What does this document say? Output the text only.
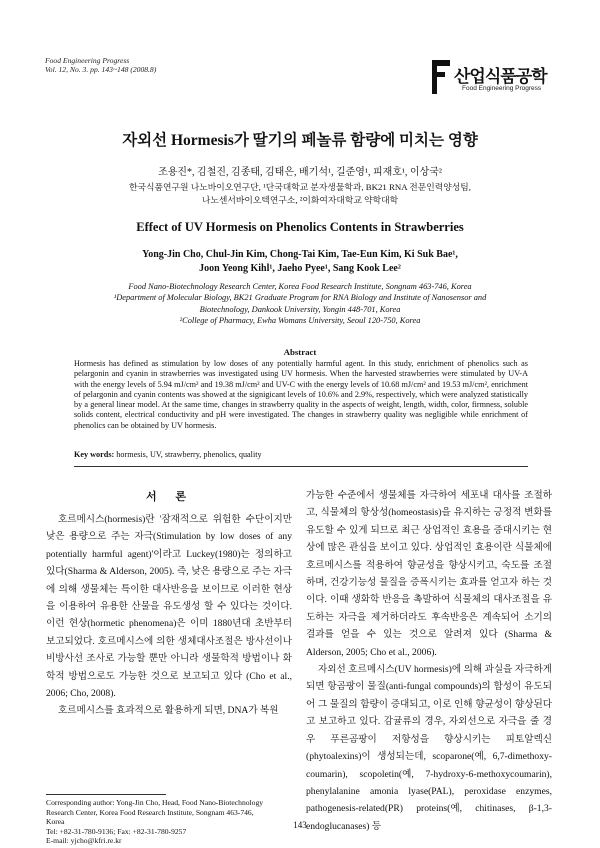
Food Engineering Progress
Vol. 12, No. 3. pp. 143~148 (2008.8)	산업식품공학
Food Engineering Progress
자외선 Hormesis가 딸기의 페놀류 함량에 미치는 영향
조용진*, 김철진, 김종태, 김태은, 배기석¹, 길준영¹, 피재호¹, 이상국²
한국식품연구원 나노바이오연구단, ¹단국대학교 분자생물학과, BK21 RNA 전문인력양성팀,
나노센서바이오텍연구소, ²이화여자대학교 약학대학
Effect of UV Hormesis on Phenolics Contents in Strawberries
Yong-Jin Cho, Chul-Jin Kim, Chong-Tai Kim, Tae-Eun Kim, Ki Suk Bae¹,
Joon Yeong Kihl¹, Jaeho Pyee¹, Sang Kook Lee²
Food Nano-Biotechnology Research Center, Korea Food Research Institute, Songnam 463-746, Korea
¹Department of Molecular Biology, BK21 Graduate Program for RNA Biology and Institute of Nanosensor and
Biotechnology, Dankook University, Yongin 448-701, Korea
²College of Pharmacy, Ewha Womans University, Seoul 120-750, Korea
Abstract
Hormesis has defined as stimulation by low doses of any potentially harmful agent. In this study, enrichment of phenolics such as pelargonin and cyanin in strawberries was investigated using UV hormesis. When the harvested strawberries were stimulated by UV-A with the energy levels of 5.94 mJ/cm² and 19.38 mJ/cm² and UV-C with the energy levels of 10.68 mJ/cm² and 19.53 mJ/cm², enrichment of pelargonin and cyanin contents was showed at the signigicant levels of 10.6% and 2.9%, respectively, which were analyzed statistically by a general linear model. At the same time, changes in strawberry quality in the aspects of weight, length, width, color, firmness, soluble solids content, electrical conductivity and pH were investigated. The changes in strawberry quality was negligible while enrichment of phenolics can be obtained by UV hormesis.
Key words: hormesis, UV, strawberry, phenolics, quality
서 론

호르메시스(hormesis)란 '잠재적으로 위험한 수단이지만 낮은 용량으로 주는 자극(Stimulation by low doses of any potentially harmful agent)'이라고 Luckey(1980)는 정의하고 있다(Sharma & Alderson, 2005). 즉, 낮은 용량으로 주는 자극에 의해 생물체는 특이한 대사반응을 보이므로 이러한 현상을 이용하여 유용한 산물을 유도생성 할 수 있다는 것이다. 이런 현상(hormetic phenomena)은 이미 1880년대 초반부터 보고되었다. 호르메시스에 의한 생체대사조절은 방사선이나 비방사선 조사로 가능할 뿐만 아니라 생물학적 방법이나 화학적 방법으로도 가능한 것으로 보고되고 있다 (Cho et al., 2006; Cho, 2008).

호르메시스를 효과적으로 활용하게 되면, DNA가 복원

가능한 수준에서 생물체를 자극하여 세포내 대사를 조절하고, 식물체의 항상성(homeostasis)을 유지하는 긍정적 변화를 유도할 수 있게 되므로 최근 상업적인 효용을 증대시키는 현상에 많은 관심을 보이고 있다. 상업적인 효용이란 식물체에 호르메시스를 적용하여 향균성을 향상시키고, 숙도를 조절하며, 건강기능성 물질을 증폭시키는 효과를 얻고자 하는 것이다. 이때 생화학 반응을 촉발하여 식물체의 대사조절을 유도하는 자극을 제거하더라도 후속반응은 계속되어 소기의 결과를 얻을 수 있는 것으로 알려져 있다 (Sharma & Alderson, 2005; Cho et al., 2006).

자외선 호르메시스(UV hormesis)에 의해 과실을 자극하게 되면 항곰팡이 물질(anti-fungal compounds)의 합성이 유도되어 그 물질의 함량이 증대되고, 이로 인해 향균성이 향상된다고 보고하고 있다. 감귤류의 경우, 자외선으로 자극을 줄 경우 푸른곰팡이 저항성을 향상시키는 피토알렉신(phytoalexins)이 생성되는데, scoparone(예, 6,7-dimethoxy-coumarin), scopoletin(예, 7-hydroxy-6-methoxycoumarin), phenylalanine amonia lyase(PAL), peroxidase enzymes, pathogenesis-related(PR) proteins(예, chitinases, β-1,3-endoglucanases) 등

Corresponding author: Yong-Jin Cho, Head, Food Nano-Biotechnology
Research Center, Korea Food Research Institute, Songnam 463-746,
Korea
Tel: +82-31-780-9136; Fax: +82-31-780-9257
E-mail: yjcho@kfri.re.kr
143
